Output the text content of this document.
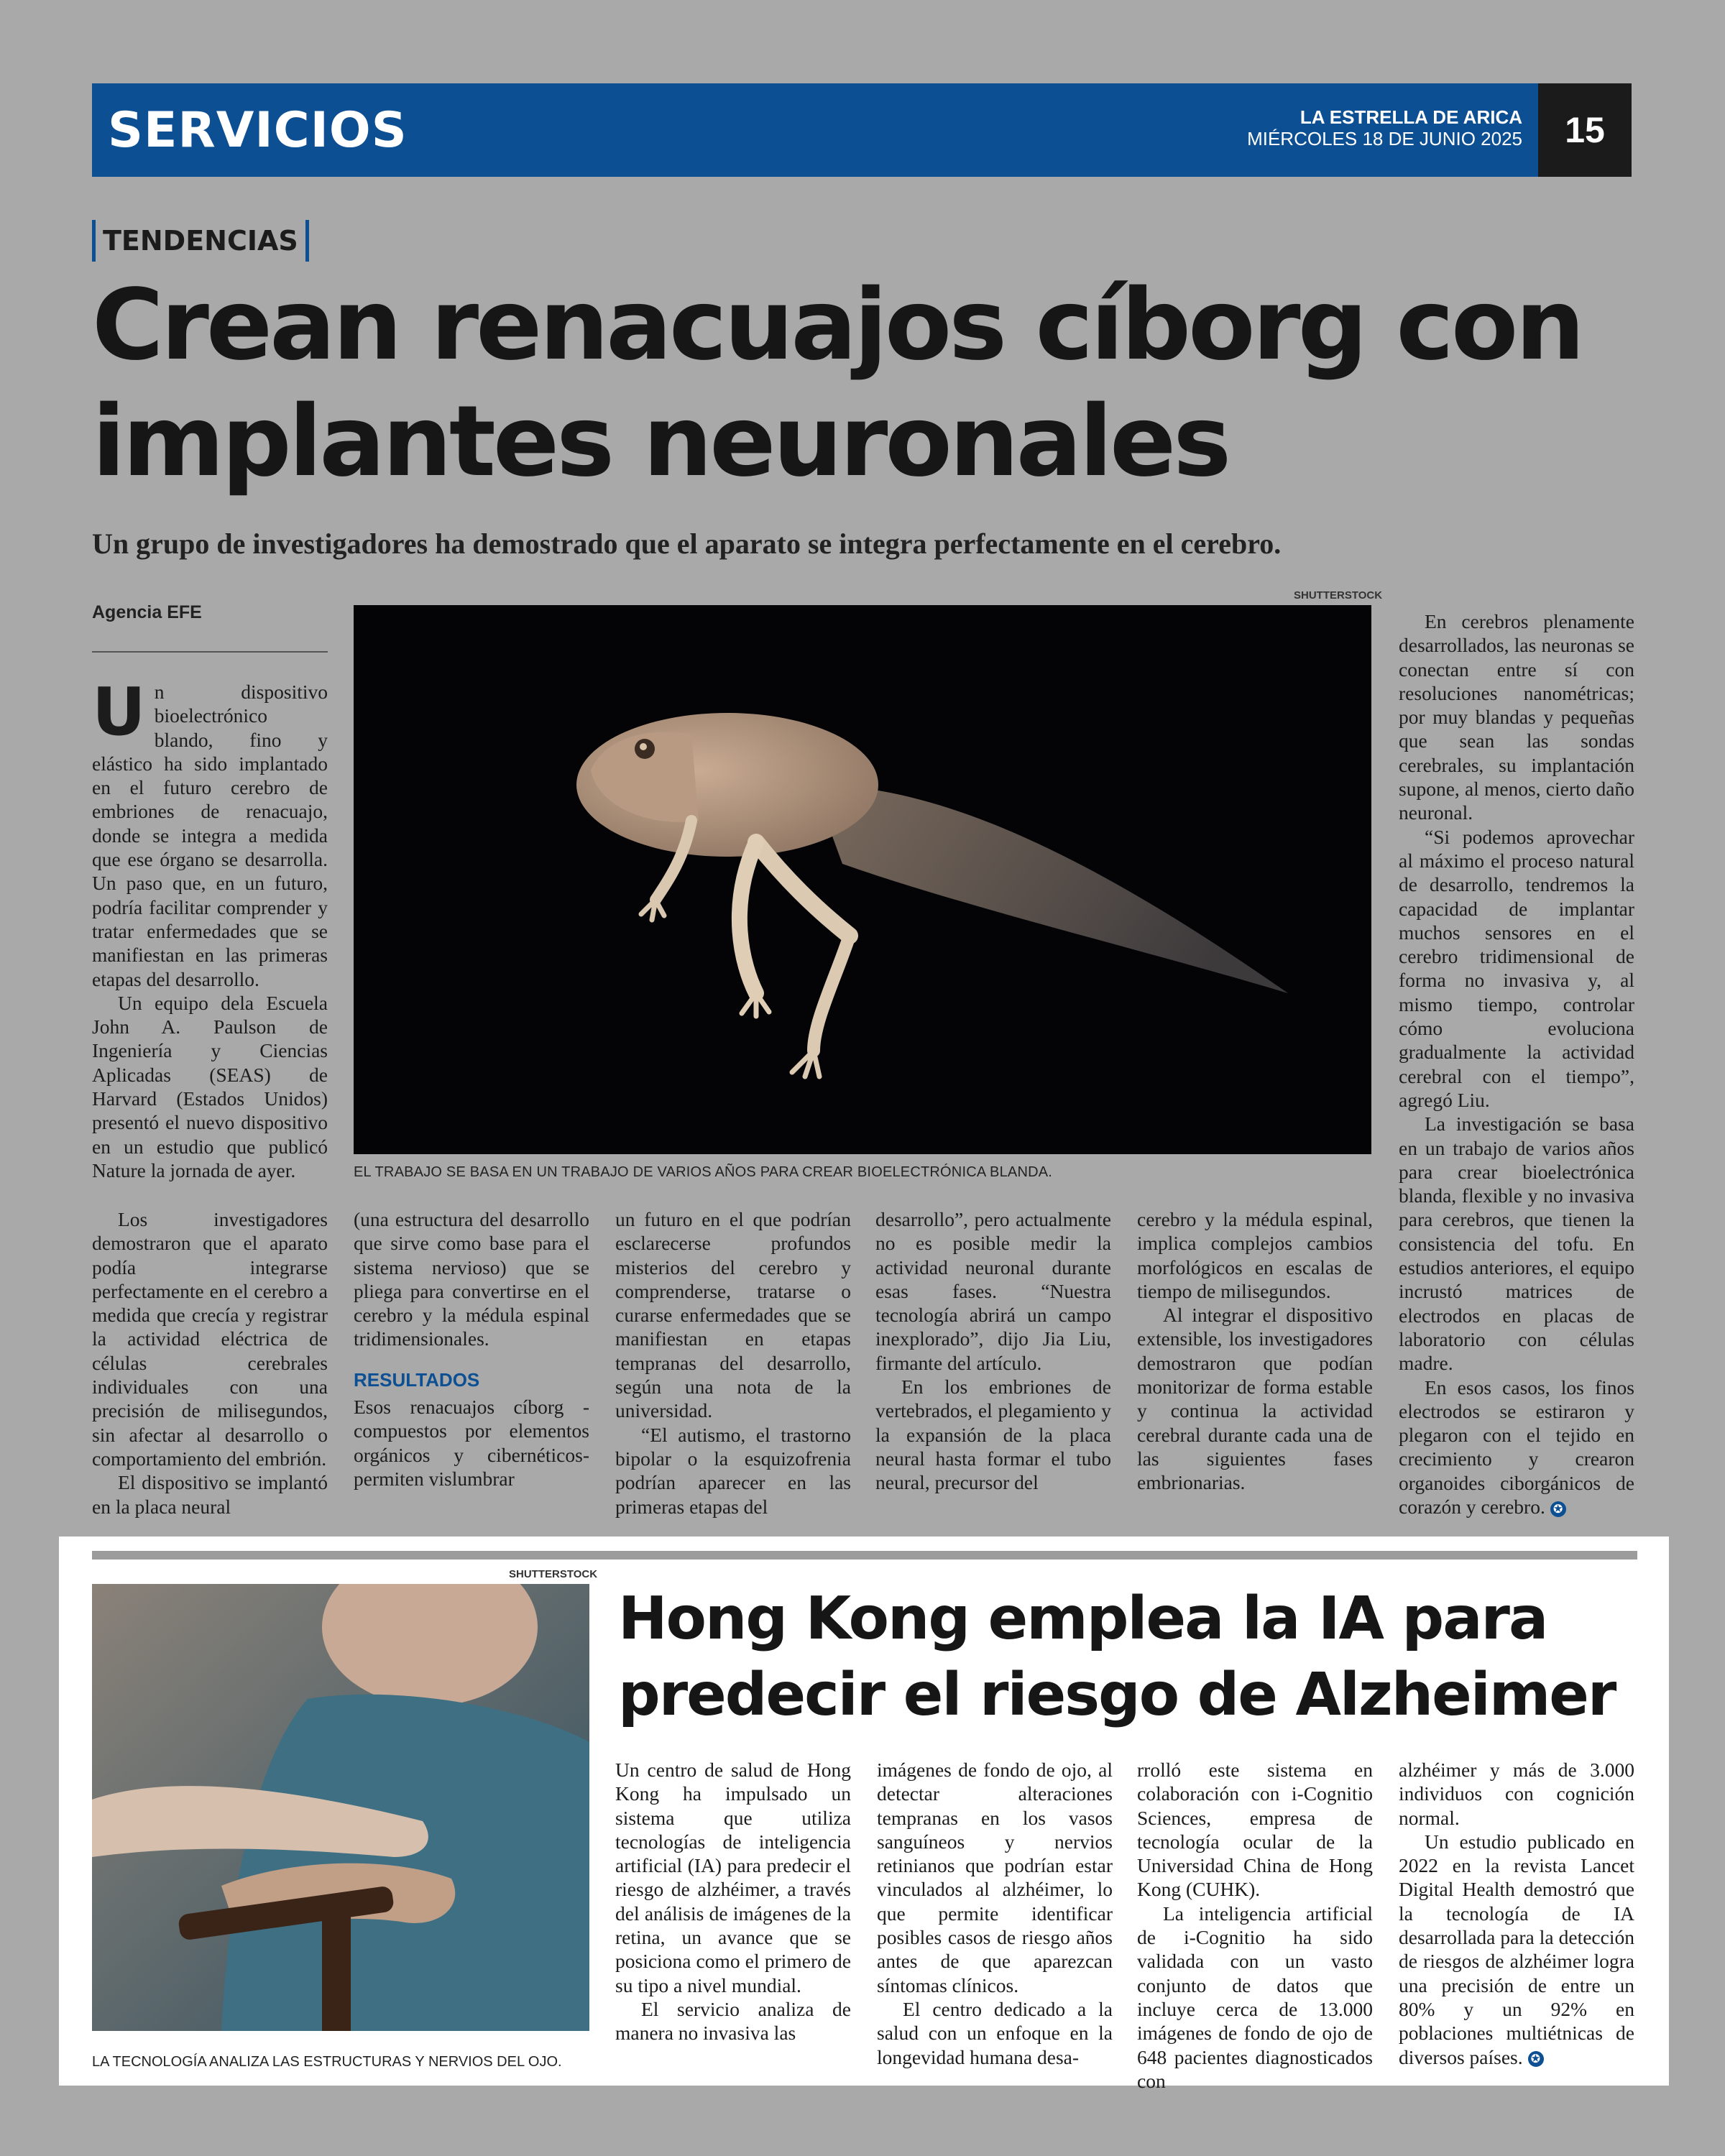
SERVICIOS	LA ESTRELLA DE ARICA
MIÉRCOLES 18 DE JUNIO 2025	15
TENDENCIAS
Crean renacuajos cíborg con implantes neuronales
Un grupo de investigadores ha demostrado que el aparato se integra perfectamente en el cerebro.
Agencia EFE

Un dispositivo bioelectrónico blando, fino y elástico ha sido implantado en el futuro cerebro de embriones de renacuajo, donde se integra a medida que ese órgano se desarrolla. Un paso que, en un futuro, podría facilitar comprender y tratar enfermedades que se manifiestan en las primeras etapas del desarrollo.

Un equipo dela Escuela John A. Paulson de Ingeniería y Ciencias Aplicadas (SEAS) de Harvard (Estados Unidos) presentó el nuevo dispositivo en un estudio que publicó Nature la jornada de ayer.

SHUTTERSTOCK
EL TRABAJO SE BASA EN UN TRABAJO DE VARIOS AÑOS PARA CREAR BIOELECTRÓNICA BLANDA.

Los investigadores demostraron que el aparato podía integrarse perfectamente en el cerebro a medida que crecía y registrar la actividad eléctrica de células cerebrales individuales con una precisión de milisegundos, sin afectar al desarrollo o comportamiento del embrión.

El dispositivo se implantó en la placa neural

(una estructura del desarrollo que sirve como base para el sistema nervioso) que se pliega para convertirse en el cerebro y la médula espinal tridimensionales.

RESULTADOS

Esos renacuajos cíborg - compuestos por elementos orgánicos y cibernéticos- permiten vislumbrar

un futuro en el que podrían esclarecerse profundos misterios del cerebro y comprenderse, tratarse o curarse enfermedades que se manifiestan en etapas tempranas del desarrollo, según una nota de la universidad.

“El autismo, el trastorno bipolar o la esquizofrenia podrían aparecer en las primeras etapas del

desarrollo”, pero actualmente no es posible medir la actividad neuronal durante esas fases. “Nuestra tecnología abrirá un campo inexplorado”, dijo Jia Liu, firmante del artículo.

En los embriones de vertebrados, el plegamiento y la expansión de la placa neural hasta formar el tubo neural, precursor del

cerebro y la médula espinal, implica complejos cambios morfológicos en escalas de tiempo de milisegundos.

Al integrar el dispositivo extensible, los investigadores demostraron que podían monitorizar de forma estable y continua la actividad cerebral durante cada una de las siguientes fases embrionarias.

En cerebros plenamente desarrollados, las neuronas se conectan entre sí con resoluciones nanométricas; por muy blandas y pequeñas que sean las sondas cerebrales, su implantación supone, al menos, cierto daño neuronal.

“Si podemos aprovechar al máximo el proceso natural de desarrollo, tendremos la capacidad de implantar muchos sensores en el cerebro tridimensional de forma no invasiva y, al mismo tiempo, controlar cómo evoluciona gradualmente la actividad cerebral con el tiempo”, agregó Liu.

La investigación se basa en un trabajo de varios años para crear bioelectrónica blanda, flexible y no invasiva para cerebros, que tienen la consistencia del tofu. En estudios anteriores, el equipo incrustó matrices de electrodos en placas de laboratorio con células madre.

En esos casos, los finos electrodos se estiraron y plegaron con el tejido en crecimiento y crearon organoides ciborgánicos de corazón y cerebro. ✪

SHUTTERSTOCK
LA TECNOLOGÍA ANALIZA LAS ESTRUCTURAS Y NERVIOS DEL OJO.
Hong Kong emplea la IA para predecir el riesgo de Alzheimer

Un centro de salud de Hong Kong ha impulsado un sistema que utiliza tecnologías de inteligencia artificial (IA) para predecir el riesgo de alzhéimer, a través del análisis de imágenes de la retina, un avance que se posiciona como el primero de su tipo a nivel mundial.

El servicio analiza de manera no invasiva las

imágenes de fondo de ojo, al detectar alteraciones tempranas en los vasos sanguíneos y nervios retinianos que podrían estar vinculados al alzhéimer, lo que permite identificar posibles casos de riesgo años antes de que aparezcan síntomas clínicos.

El centro dedicado a la salud con un enfoque en la longevidad humana desa-

rrolló este sistema en colaboración con i-Cognitio Sciences, empresa de tecnología ocular de la Universidad China de Hong Kong (CUHK).

La inteligencia artificial de i-Cognitio ha sido validada con un vasto conjunto de datos que incluye cerca de 13.000 imágenes de fondo de ojo de 648 pacientes diagnosticados con

alzhéimer y más de 3.000 individuos con cognición normal.

Un estudio publicado en 2022 en la revista Lancet Digital Health demostró que la tecnología de IA desarrollada para la detección de riesgos de alzhéimer logra una precisión de entre un 80% y un 92% en poblaciones multiétnicas de diversos países. ✪
